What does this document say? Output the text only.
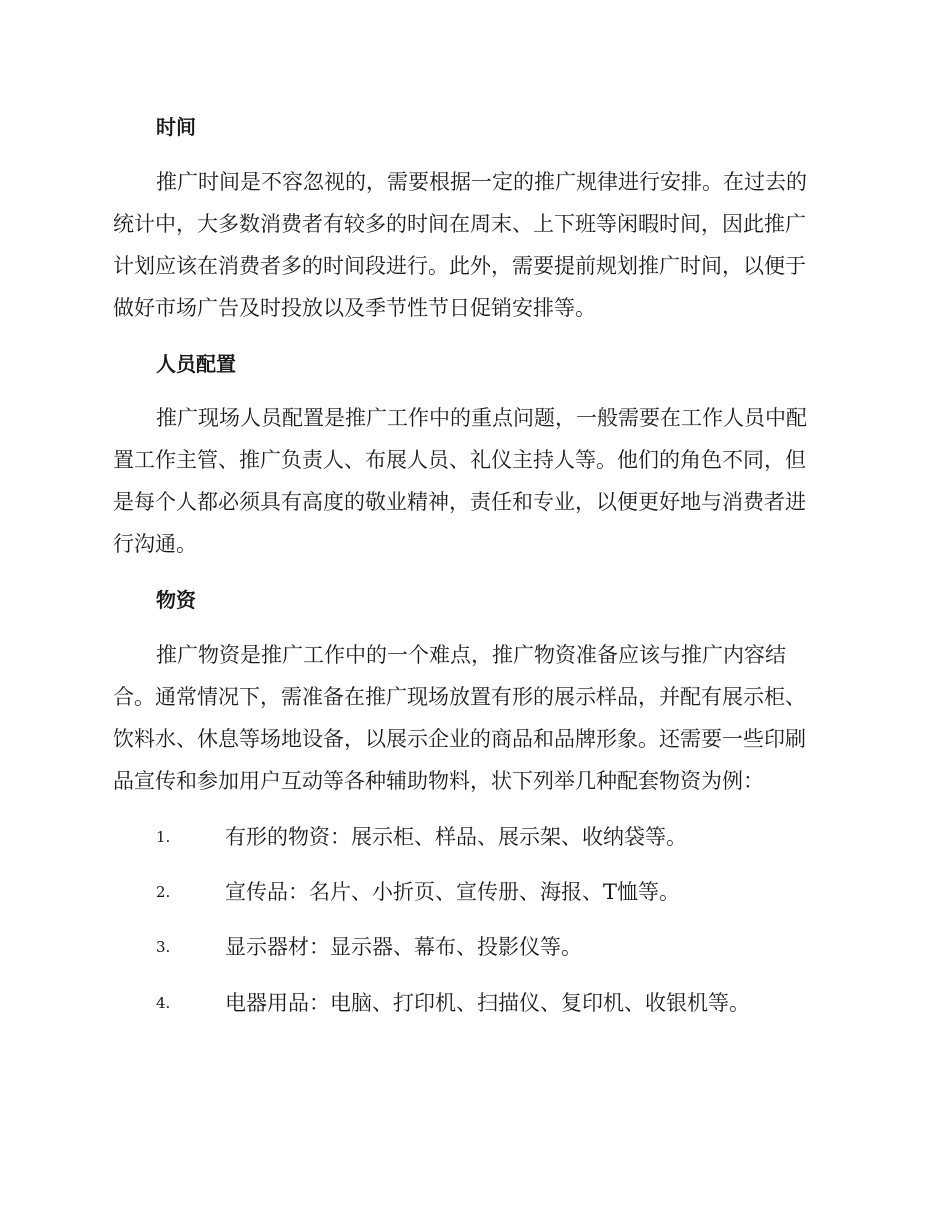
时间

推广时间是不容忽视的，需要根据一定的推广规律进行安排。在过去的
统计中，大多数消费者有较多的时间在周末、上下班等闲暇时间，因此推广
计划应该在消费者多的时间段进行。此外，需要提前规划推广时间，以便于
做好市场广告及时投放以及季节性节日促销安排等。

人员配置

推广现场人员配置是推广工作中的重点问题，一般需要在工作人员中配
置工作主管、推广负责人、布展人员、礼仪主持人等。他们的角色不同，但
是每个人都必须具有高度的敬业精神，责任和专业，以便更好地与消费者进
行沟通。

物资

推广物资是推广工作中的一个难点，推广物资准备应该与推广内容结
合。通常情况下，需准备在推广现场放置有形的展示样品，并配有展示柜、
饮料水、休息等场地设备，以展示企业的商品和品牌形象。还需要一些印刷
品宣传和参加用户互动等各种辅助物料，状下列举几种配套物资为例：

1.	有形的物资：展示柜、样品、展示架、收纳袋等。
2.	宣传品：名片、小折页、宣传册、海报、T恤等。
3.	显示器材：显示器、幕布、投影仪等。
4.	电器用品：电脑、打印机、扫描仪、复印机、收银机等。
